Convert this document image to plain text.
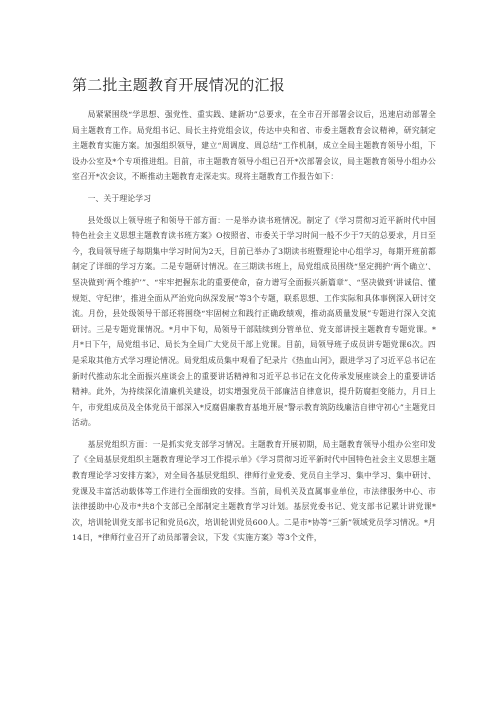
第二批主题教育开展情况的汇报

局紧紧围绕“学思想、强党性、重实践、建新功”总要求，在全市召开部署会议后，迅速启动部署全局主题教育工作。局党组书记、局长主持党组会议，传达中央和省、市委主题教育会议精神，研究制定主题教育实施方案。加强组织领导，建立“周调度、周总结”工作机制，成立全局主题教育领导小组，下设办公室及*个专项推进组。目前，市主题教育领导小组已召开*次部署会议，局主题教育领导小组办公室召开*次会议，不断推动主题教育走深走实。现将主题教育工作报告如下：

一、关于理论学习

县处级以上领导班子和领导干部方面：一是举办读书班情况。制定了《学习贯彻习近平新时代中国特色社会主义思想主题教育读书班方案》O按照省、市委关于学习时间一般不少于7天的总要求，月日至今，我局领导班子每期集中学习时间为2天，目前已举办了3期读书班暨理论中心组学习，每期开班前都制定了详细的学习方案。二是专题研讨情况。在三期读书班上，局党组成员围绕“坚定拥护‘两个确立’、坚决做到‘两个维护’”、“牢牢把握东北的重要使命，奋力谱写全面振兴新篇章”、“坚决做到‘讲诚信、懂规矩、守纪律’，推进全面从严治党向纵深发展”等3个专题，联系思想、工作实际和具体事例深入研讨交流。月份，县处级领导干部还将围绕“牢固树立和践行正确政绩观，推动高质量发展”专题进行深入交流研讨。三是专题党课情况。*月中下旬，局领导干部陆续到分管单位、党支部讲授主题教育专题党课。*月*日下午，局党组书记、局长为全局广大党员干部上党课。目前，局领导班子成员讲专题党课6次。四是采取其他方式学习理论情况。局党组成员集中观看了纪录片《热血山河》，跟进学习了习近平总书记在新时代推动东北全面振兴座谈会上的重要讲话精神和习近平总书记在文化传承发展座谈会上的重要讲话精神。此外，为持续深化清廉机关建设，切实增强党员干部廉洁自律意识，提升防腐拒变能力，月日上午，市党组成员及全体党员干部深入*反腐倡廉教育基地开展“警示教育筑防线廉洁自律守初心”主题党日活动。

基层党组织方面：一是抓实党支部学习情况。主题教育开展初期，局主题教育领导小组办公室印发了《全局基层党组织主题教育理论学习工作提示单》《学习贯彻习近平新时代中国特色社会主义思想主题教育理论学习安排方案》，对全局各基层党组织、律师行业党委、党员自主学习、集中学习、集中研讨、党课及丰富活动载体等工作进行全面细致的安排。当前，局机关及直属事业单位，市法律服务中心、市法律援助中心及市*共8个支部已全部制定主题教育学习计划。基层党委书记、党支部书记累计讲党课*次，培训轮训党支部书记和党员6次，培训轮训党员600人。二是市*协等“三新”领域党员学习情况。*月14日，*律师行业召开了动员部署会议，下发《实施方案》等3个文件，
